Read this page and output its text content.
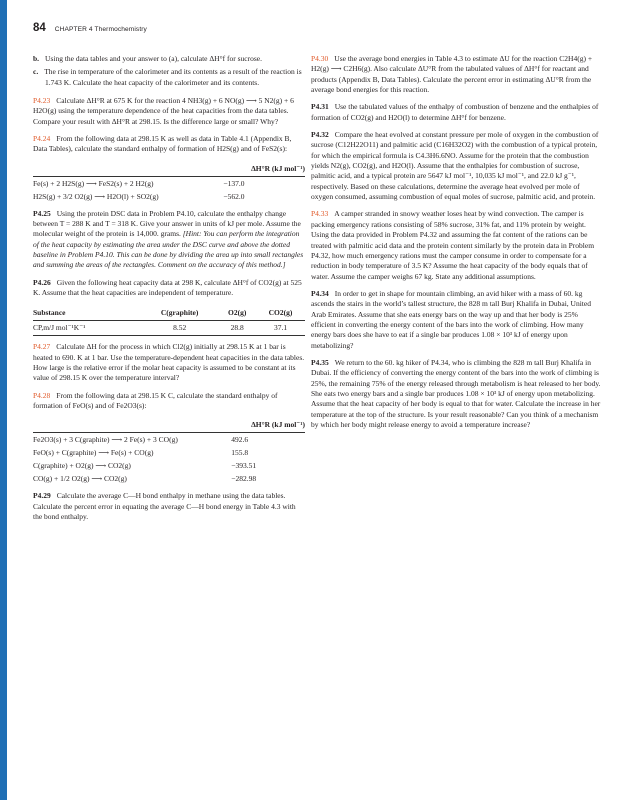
84 CHAPTER 4 Thermochemistry

b. Using the data tables and your answer to (a), calculate ΔH°f for sucrose.

c. The rise in temperature of the calorimeter and its contents as a result of the reaction is 1.743 K. Calculate the heat capacity of the calorimeter and its contents.

P4.23 Calculate ΔH°R at 675 K for the reaction 4 NH3(g) + 6 NO(g) ⟶ 5 N2(g) + 6 H2O(g) using the temperature dependence of the heat capacities from the data tables. Compare your result with ΔH°R at 298.15. Is the difference large or small? Why?

P4.24 From the following data at 298.15 K as well as data in Table 4.1 (Appendix B, Data Tables), calculate the standard enthalpy of formation of H2S(g) and of FeS2(s):

	ΔH°R (kJ mol⁻¹)
Fe(s) + 2 H2S(g) ⟶ FeS2(s) + 2 H2(g)	−137.0
H2S(g) + 3/2 O2(g) ⟶ H2O(l) + SO2(g)	−562.0

P4.25 Using the protein DSC data in Problem P4.10, calculate the enthalpy change between T = 288 K and T = 318 K. Give your answer in units of kJ per mole. Assume the molecular weight of the protein is 14,000. grams. [Hint: You can perform the integration of the heat capacity by estimating the area under the DSC curve and above the dotted baseline in Problem P4.10. This can be done by dividing the area up into small rectangles and summing the areas of the rectangles. Comment on the accuracy of this method.]

P4.26 Given the following heat capacity data at 298 K, calculate ΔH°f of CO2(g) at 525 K. Assume that the heat capacities are independent of temperature.

Substance	C(graphite)	O2(g)	CO2(g)
CP,m/J mol⁻¹K⁻¹	8.52	28.8	37.1

P4.27 Calculate ΔH for the process in which Cl2(g) initially at 298.15 K at 1 bar is heated to 690. K at 1 bar. Use the temperature-dependent heat capacities in the data tables. How large is the relative error if the molar heat capacity is assumed to be constant at its value of 298.15 K over the temperature interval?

P4.28 From the following data at 298.15 K C, calculate the standard enthalpy of formation of FeO(s) and of Fe2O3(s):

	ΔH°R (kJ mol⁻¹)
Fe2O3(s) + 3 C(graphite) ⟶ 2 Fe(s) + 3 CO(g)	492.6
FeO(s) + C(graphite) ⟶ Fe(s) + CO(g)	155.8
C(graphite) + O2(g) ⟶ CO2(g)	−393.51
CO(g) + 1/2 O2(g) ⟶ CO2(g)	−282.98

P4.29 Calculate the average C—H bond enthalpy in methane using the data tables. Calculate the percent error in equating the average C—H bond energy in Table 4.3 with the bond enthalpy.

P4.30 Use the average bond energies in Table 4.3 to estimate ΔU for the reaction C2H4(g) + H2(g) ⟶ C2H6(g). Also calculate ΔU°R from the tabulated values of ΔH°f for reactant and products (Appendix B, Data Tables). Calculate the percent error in estimating ΔU°R from the average bond energies for this reaction.

P4.31 Use the tabulated values of the enthalpy of combustion of benzene and the enthalpies of formation of CO2(g) and H2O(l) to determine ΔH°f for benzene.

P4.32 Compare the heat evolved at constant pressure per mole of oxygen in the combustion of sucrose (C12H22O11) and palmitic acid (C16H32O2) with the combustion of a typical protein, for which the empirical formula is C4.3H6.6NO. Assume for the protein that the combustion yields N2(g), CO2(g), and H2O(l). Assume that the enthalpies for combustion of sucrose, palmitic acid, and a typical protein are 5647 kJ mol⁻¹, 10,035 kJ mol⁻¹, and 22.0 kJ g⁻¹, respectively. Based on these calculations, determine the average heat evolved per mole of oxygen consumed, assuming combustion of equal moles of sucrose, palmitic acid, and protein.

P4.33 A camper stranded in snowy weather loses heat by wind convection. The camper is packing emergency rations consisting of 58% sucrose, 31% fat, and 11% protein by weight. Using the data provided in Problem P4.32 and assuming the fat content of the rations can be treated with palmitic acid data and the protein content similarly by the protein data in Problem P4.32, how much emergency rations must the camper consume in order to compensate for a reduction in body temperature of 3.5 K? Assume the heat capacity of the body equals that of water. Assume the camper weighs 67 kg. State any additional assumptions.

P4.34 In order to get in shape for mountain climbing, an avid hiker with a mass of 60. kg ascends the stairs in the world’s tallest structure, the 828 m tall Burj Khalifa in Dubai, United Arab Emirates. Assume that she eats energy bars on the way up and that her body is 25% efficient in converting the energy content of the bars into the work of climbing. How many energy bars does she have to eat if a single bar produces 1.08 × 10³ kJ of energy upon metabolizing?

P4.35 We return to the 60. kg hiker of P4.34, who is climbing the 828 m tall Burj Khalifa in Dubai. If the efficiency of converting the energy content of the bars into the work of climbing is 25%, the remaining 75% of the energy released through metabolism is heat released to her body. She eats two energy bars and a single bar produces 1.08 × 10³ kJ of energy upon metabolizing. Assume that the heat capacity of her body is equal to that for water. Calculate the increase in her temperature at the top of the structure. Is your result reasonable? Can you think of a mechanism by which her body might release energy to avoid a temperature increase?
